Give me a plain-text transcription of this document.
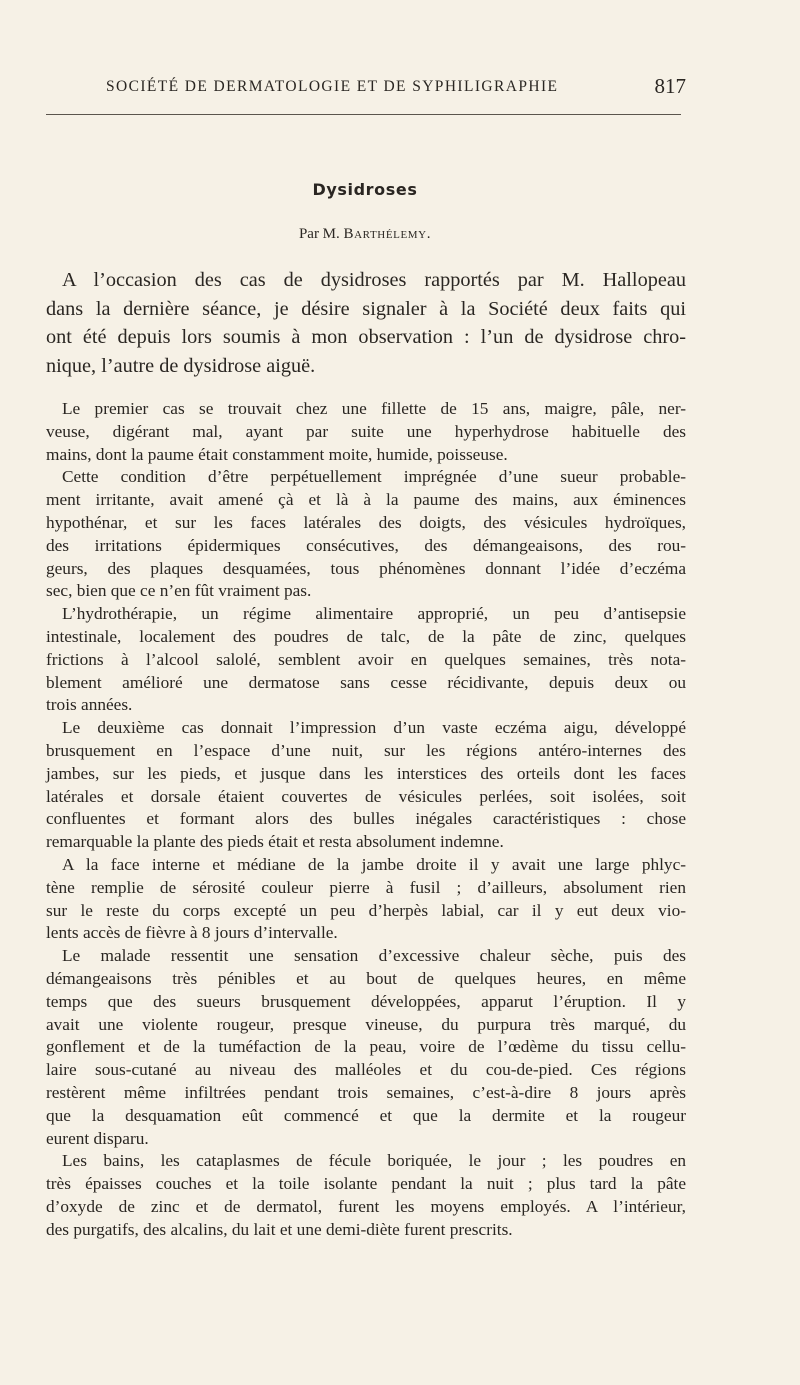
SOCIÉTÉ DE DERMATOLOGIE ET DE SYPHILIGRAPHIE	817
Dysidroses
Par M. Barthélemy.
A l’occasion des cas de dysidroses rapportés par M. Hallopeau
dans la dernière séance, je désire signaler à la Société deux faits qui
ont été depuis lors soumis à mon observation : l’un de dysidrose chro-
nique, l’autre de dysidrose aiguë.
Le premier cas se trouvait chez une fillette de 15 ans, maigre, pâle, ner-
veuse, digérant mal, ayant par suite une hyperhydrose habituelle des
mains, dont la paume était constamment moite, humide, poisseuse.
Cette condition d’être perpétuellement imprégnée d’une sueur probable-
ment irritante, avait amené çà et là à la paume des mains, aux éminences
hypothénar, et sur les faces latérales des doigts, des vésicules hydroïques,
des irritations épidermiques consécutives, des démangeaisons, des rou-
geurs, des plaques desquamées, tous phénomènes donnant l’idée d’eczéma
sec, bien que ce n’en fût vraiment pas.
L’hydrothérapie, un régime alimentaire approprié, un peu d’antisepsie
intestinale, localement des poudres de talc, de la pâte de zinc, quelques
frictions à l’alcool salolé, semblent avoir en quelques semaines, très nota-
blement amélioré une dermatose sans cesse récidivante, depuis deux ou
trois années.
Le deuxième cas donnait l’impression d’un vaste eczéma aigu, développé
brusquement en l’espace d’une nuit, sur les régions antéro-internes des
jambes, sur les pieds, et jusque dans les interstices des orteils dont les faces
latérales et dorsale étaient couvertes de vésicules perlées, soit isolées, soit
confluentes et formant alors des bulles inégales caractéristiques : chose
remarquable la plante des pieds était et resta absolument indemne.
A la face interne et médiane de la jambe droite il y avait une large phlyc-
tène remplie de sérosité couleur pierre à fusil ; d’ailleurs, absolument rien
sur le reste du corps excepté un peu d’herpès labial, car il y eut deux vio-
lents accès de fièvre à 8 jours d’intervalle.
Le malade ressentit une sensation d’excessive chaleur sèche, puis des
démangeaisons très pénibles et au bout de quelques heures, en même
temps que des sueurs brusquement développées, apparut l’éruption. Il y
avait une violente rougeur, presque vineuse, du purpura très marqué, du
gonflement et de la tuméfaction de la peau, voire de l’œdème du tissu cellu-
laire sous-cutané au niveau des malléoles et du cou-de-pied. Ces régions
restèrent même infiltrées pendant trois semaines, c’est-à-dire 8 jours après
que la desquamation eût commencé et que la dermite et la rougeur
eurent disparu.
Les bains, les cataplasmes de fécule boriquée, le jour ; les poudres en
très épaisses couches et la toile isolante pendant la nuit ; plus tard la pâte
d’oxyde de zinc et de dermatol, furent les moyens employés. A l’intérieur,
des purgatifs, des alcalins, du lait et une demi-diète furent prescrits.
